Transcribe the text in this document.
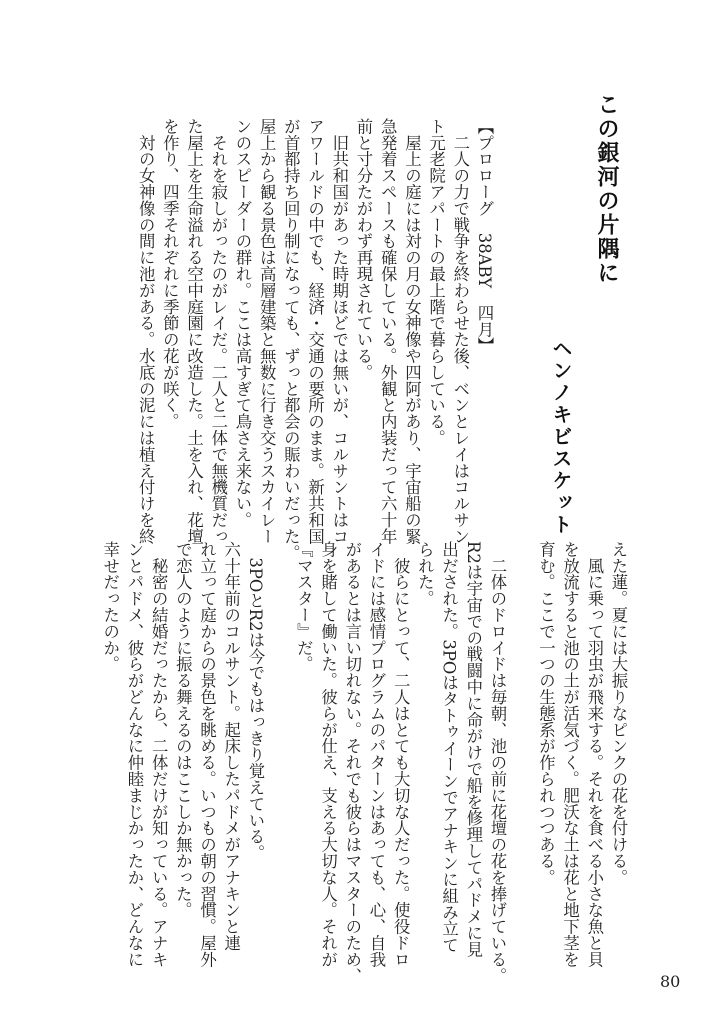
この銀河の片隅に
ヘンノキビスケット
【プロローグ　38ABY　四月】
　二人の力で戦争を終わらせた後、ベンとレイはコルサン
ト元老院アパートの最上階で暮らしている。
　屋上の庭には対の月の女神像や四阿があり、宇宙船の緊
急発着スペースも確保している。外観と内装だって六十年
前と寸分たがわず再現されている。
　旧共和国があった時期ほどでは無いが、コルサントはコ
アワールドの中でも、経済・交通の要所のまま。新共和国
が首都持ち回り制になっても、ずっと都会の賑わいだった。
屋上から観る景色は高層建築と無数に行き交うスカイレー
ンのスピーダーの群れ。ここは高すぎて鳥さえ来ない。
　それを寂しがったのがレイだ。二人と二体で無機質だっ
た屋上を生命溢れる空中庭園に改造した。土を入れ、花壇
を作り、四季それぞれに季節の花が咲く。
　対の女神像の間に池がある。水底の泥には植え付けを終
えた蓮。夏には大振りなピンクの花を付ける。
　風に乗って羽虫が飛来する。それを食べる小さな魚と貝
を放流すると池の土が活気づく。肥沃な土は花と地下茎を
育む。ここで一つの生態系が作られつつある。
　二体のドロイドは毎朝、池の前に花壇の花を捧げている。
R2は宇宙での戦闘中に命がけで船を修理してパドメに見
出だされた。3POはタトゥイーンでアナキンに組み立て
られた。
　彼らにとって、二人はとても大切な人だった。使役ドロ
イドには感情プログラムのパターンはあっても、心、自我
があるとは言い切れない。それでも彼らはマスターのため、
身を賭して働いた。彼らが仕え、支える大切な人。それが
『マスター』だ。
　3POとR2は今でもはっきり覚えている。
六十年前のコルサント。起床したパドメがアナキンと連
れ立って庭からの景色を眺める。いつもの朝の習慣。屋外
で恋人のように振る舞えるのはここしか無かった。
　秘密の結婚だったから、二体だけが知っている。アナキ
ンとパドメ、彼らがどんなに仲睦まじかったか、どんなに
幸せだったのか。
80
